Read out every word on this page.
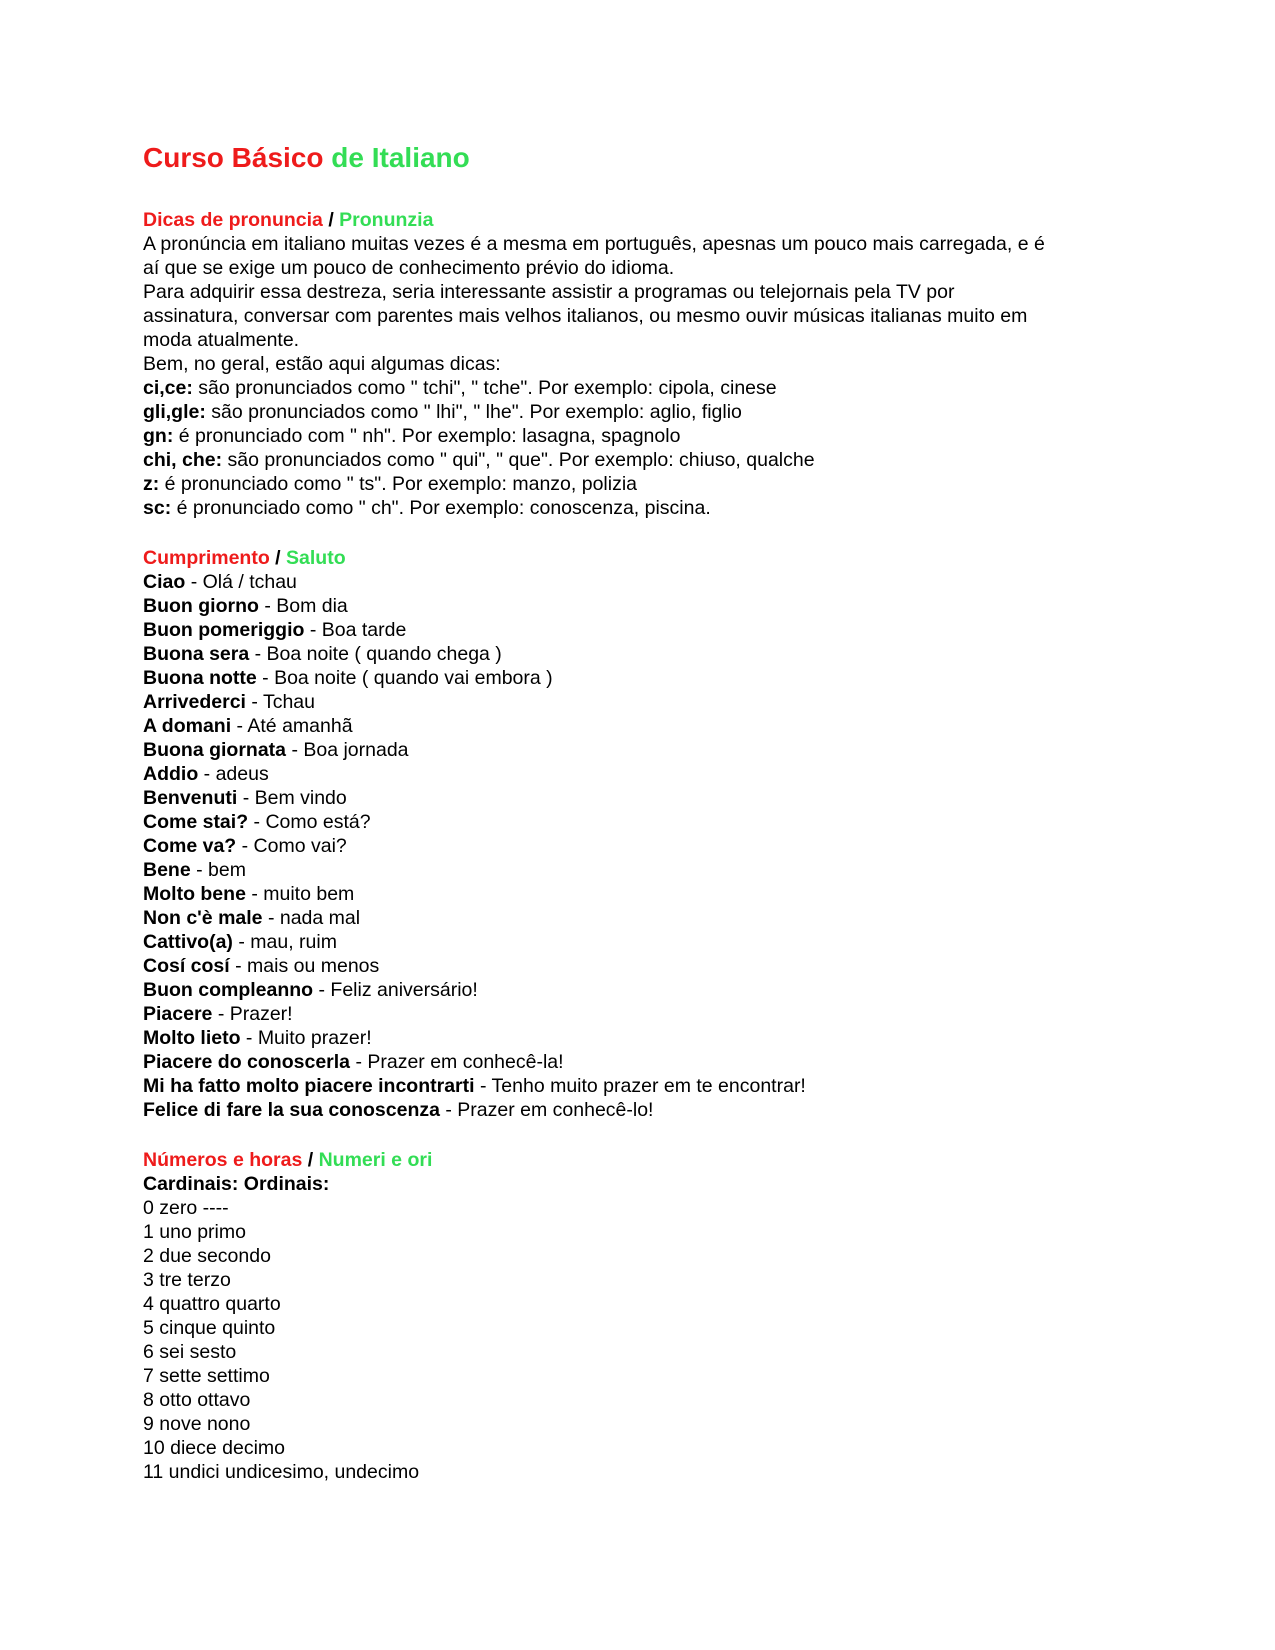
Curso Básico de Italiano
Dicas de pronuncia / Pronunzia
A pronúncia em italiano muitas vezes é a mesma em português, apesnas um pouco mais carregada, e é
aí que se exige um pouco de conhecimento prévio do idioma.
Para adquirir essa destreza, seria interessante assistir a programas ou telejornais pela TV por
assinatura, conversar com parentes mais velhos italianos, ou mesmo ouvir músicas italianas muito em
moda atualmente.
Bem, no geral, estão aqui algumas dicas:
ci,ce: são pronunciados como " tchi", " tche". Por exemplo: cipola, cinese
gli,gle: são pronunciados como " lhi", " lhe". Por exemplo: aglio, figlio
gn: é pronunciado com " nh". Por exemplo: lasagna, spagnolo
chi, che: são pronunciados como " qui", " que". Por exemplo: chiuso, qualche
z: é pronunciado como " ts". Por exemplo: manzo, polizia
sc: é pronunciado como " ch". Por exemplo: conoscenza, piscina.
Cumprimento / Saluto
Ciao - Olá / tchau
Buon giorno - Bom dia
Buon pomeriggio - Boa tarde
Buona sera - Boa noite ( quando chega )
Buona notte - Boa noite ( quando vai embora )
Arrivederci - Tchau
A domani - Até amanhã
Buona giornata - Boa jornada
Addio - adeus
Benvenuti - Bem vindo
Come stai? - Como está?
Come va? - Como vai?
Bene - bem
Molto bene - muito bem
Non c'è male - nada mal
Cattivo(a) - mau, ruim
Cosí cosí - mais ou menos
Buon compleanno - Feliz aniversário!
Piacere - Prazer!
Molto lieto - Muito prazer!
Piacere do conoscerla - Prazer em conhecê-la!
Mi ha fatto molto piacere incontrarti - Tenho muito prazer em te encontrar!
Felice di fare la sua conoscenza - Prazer em conhecê-lo!
Números e horas / Numeri e ori
Cardinais: Ordinais:
0 zero ----
1 uno primo
2 due secondo
3 tre terzo
4 quattro quarto
5 cinque quinto
6 sei sesto
7 sette settimo
8 otto ottavo
9 nove nono
10 diece decimo
11 undici undicesimo, undecimo
